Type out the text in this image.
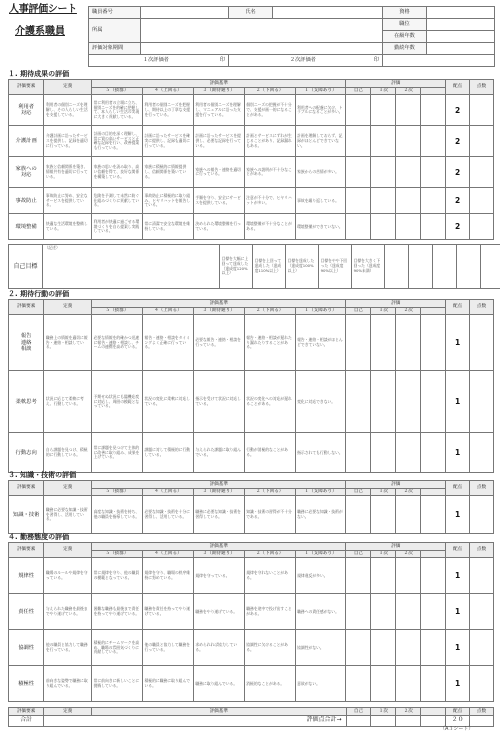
人事評価シート
介護系職員
職員番号		氏名		資格	
所属				職位	
				在級年数	
評価対象期間				勤続年数	
１次評価者 印		２次評価者 印			

１. 期待成果の評価
評価要素	定義	評価基準					評価				配点	点数
		５（抜群）	４（上回る）	３（期待通り）	２（下回る）	１（支障あり）	自己	１次	２次			
利用者
対応	利用者の個別ニーズを理解し、その人らしい生活を支援している。	常に利用者の立場に立ち、個別ニーズを的確に把握して、本人らしい生活の実現に大きく貢献している。	利用者の個別ニーズを把握し、期待以上の丁寧な支援を行っている。	利用者の個別ニーズを理解し、マニュアルに沿った支援を行っている。	個別ニーズの把握が不十分で、支援が画一的になることがある。	利用者への配慮に欠け、トラブルになることが多い。					2	
介護計画	介護計画に沿ったサービスを提供し、記録を適切に行っている。	計画の目的を深く理解し、常に質の高いサービスと正確な記録を行い、改善提案も行っている。	計画に沿ったサービスを確実に提供し、記録も適切に行っている。	計画に沿ったサービスを提供し、必要な記録を行っている。	計画とサービスにずれが生じることがあり、記録漏れもある。	計画を理解しておらず、記録がほとんどできていない。					2	
家族への
対応	家族と信頼関係を築き、情報共有を適切に行っている。	家族の思いを汲み取り、高い信頼を得て、良好な関係を構築している。	家族に積極的に情報提供し、信頼関係を築いている。	家族への報告・連絡を適切に行っている。	家族への説明が不十分なことがある。	家族からの苦情が多い。					2	
事故防止	事故防止に努め、安全なサービスを提供している。	危険を予測して未然に防ぐ仕組みづくりに貢献している。	事故防止に積極的に取り組み、ヒヤリハットを報告している。	手順を守り、安全にサービスを提供している。	注意が不十分で、ヒヤリハットが多い。	事故を繰り返している。					2	
環境整備	快適な生活環境を整備している。	利用者が快適に過ごせる環境づくりを自ら提案し実践している。	常に清潔で安全な環境を維持している。	決められた環境整備を行っている。	環境整備が不十分なことがある。	環境整備ができていない。					2	
自己目標	（記述）	目標を大幅に上回って達成した（達成度120%以上）	目標を上回って達成した（達成度110%以上）	目標を達成した（達成度100%以上）	目標をやや下回った（達成度90%以上）	目標を大きく下回った（達成度90%未満）					
２. 期待行動の評価
評価要素	定義	評価基準					評価				配点	点数
		５（抜群）	４（上回る）	３（期待通り）	２（下回る）	１（支障あり）	自己	１次	２次			
報告
連絡
相談	職務上の情報を適切に報告・連絡・相談している。	必要な情報を的確かつ迅速に報告・連絡・相談し、チームの連携を高めている。	報告・連絡・相談をタイミングよく正確に行っている。	必要な報告・連絡・相談を行っている。	報告・連絡・相談が遅れたり漏れたりすることがある。	報告・連絡・相談がほとんどできていない。					1	
柔軟思考	状況に応じて柔軟に考え、行動している。	予期せぬ状況にも臨機応変に対応し、周囲の模範となっている。	状況の変化に柔軟に対応している。	指示を受けて状況に対応している。	状況の変化への対応が遅れることがある。	変化に対応できない。					1	
行動志向	自ら課題を見つけ、積極的に行動している。	常に課題を見つけて主体的に改善に取り組み、成果を上げている。	課題に対して積極的に行動している。	与えられた課題に取り組んでいる。	行動が消極的なことがある。	指示されても行動しない。					1	
３. 知識・技術の評価
評価要素	定義	評価基準					評価				配点	点数
		５（抜群）	４（上回る）	３（期待通り）	２（下回る）	１（支障あり）	自己	１次	２次			
知識・技術	職務に必要な知識・技術を習得し、活用している。	高度な知識・技術を持ち、他の職員を指導している。	必要な知識・技術を十分に習得し、活用している。	職務に必要な知識・技術を習得している。	知識・技術の習得が不十分である。	職務に必要な知識・技術がない。					1	
４. 勤務態度の評価
評価要素	定義	評価基準					評価				配点	点数
		５（抜群）	４（上回る）	３（期待通り）	２（下回る）	１（支障あり）	自己	１次	２次			
規律性	職場のルールや規律を守っている。	常に規律を守り、他の職員の模範となっている。	規律を守り、職場の秩序維持に努めている。	規律を守っている。	規律を守れないことがある。	規律違反が多い。					1	
責任性	与えられた職務を最後までやり遂げている。	困難な職務も最後まで責任を持ってやり遂げている。	職務を責任を持ってやり遂げている。	職務をやり遂げている。	職務を途中で投げ出すことがある。	職務への責任感がない。					1	
協調性	他の職員と協力して職務を行っている。	積極的にチームワークを高め、職場の雰囲気づくりに貢献している。	他の職員と協力して職務を行っている。	求められれば協力している。	協調性に欠けることがある。	協調性がない。					1	
積極性	前向きな姿勢で職務に取り組んでいる。	常に前向きに新しいことに挑戦している。	積極的に職務に取り組んでいる。	職務に取り組んでいる。	消極的なことがある。	意欲がない。					1	
評価要素	定義	評価基準	自己	１次	２次		配点	点数
合計	評価点合計→						２０	
（A３シート）
